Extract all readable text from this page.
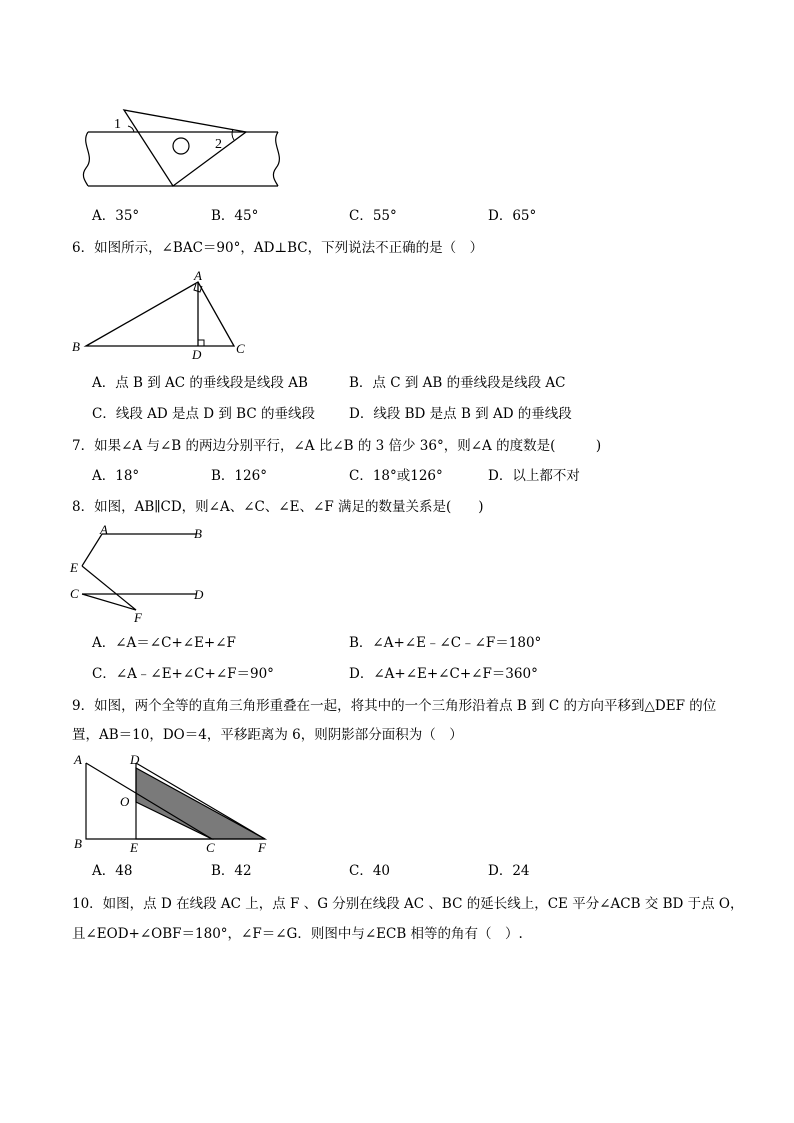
1
2
A．35°	B．45°	C．55°	D．65°
6．如图所示，∠BAC＝90°，AD⊥BC，下列说法不正确的是（　）
A
B	C
D
A．点 B 到 AC 的垂线段是线段 AB	B．点 C 到 AB 的垂线段是线段 AC
C．线段 AD 是点 D 到 BC 的垂线段	D．线段 BD 是点 B 到 AD 的垂线段
7．如果∠A 与∠B 的两边分别平行，∠A 比∠B 的 3 倍少 36°，则∠A 的度数是(　　　)
A．18°	B．126°	C．18°或126°	D．以上都不对
8．如图，AB∥CD，则∠A、∠C、∠E、∠F 满足的数量关系是(　　)
A	B
E
C	D
F
A．∠A＝∠C+∠E+∠F	B．∠A+∠E﹣∠C﹣∠F＝180°
C．∠A﹣∠E+∠C+∠F＝90°	D．∠A+∠E+∠C+∠F＝360°
9．如图，两个全等的直角三角形重叠在一起，将其中的一个三角形沿着点 B 到 C 的方向平移到△DEF 的位
置，AB＝10，DO＝4，平移距离为 6，则阴影部分面积为（　）
A	D
O
B	E	C	F
A．48	B．42	C．40	D．24
10．如图，点 D 在线段 AC 上，点 F 、G 分别在线段 AC 、BC 的延长线上，CE 平分∠ACB 交 BD 于点 O，
且∠EOD+∠OBF＝180°，∠F＝∠G．则图中与∠ECB 相等的角有（　）.
